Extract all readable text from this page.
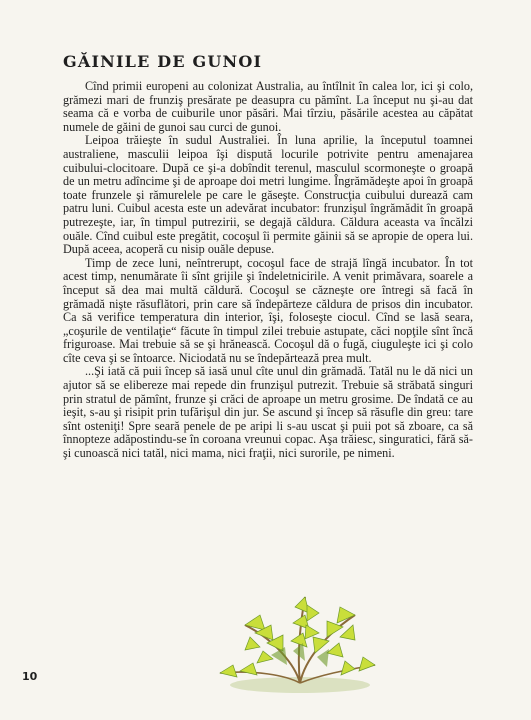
GĂINILE DE GUNOI

Cînd primii europeni au colonizat Australia, au întîlnit în calea lor, ici şi colo, grămezi mari de frunziş presărate pe deasupra cu pămînt. La început nu şi-au dat seama că e vorba de cuiburile unor păsări. Mai tîrziu, păsările acestea au căpătat numele de găini de gunoi sau curci de gunoi.

Leipoa trăieşte în sudul Australiei. În luna aprilie, la începutul toamnei australiene, masculii leipoa îşi dispută locurile potrivite pentru amenajarea cuibului-clocitoare. După ce şi-a dobîndit terenul, masculul scormoneşte o groapă de un metru adîncime şi de aproape doi metri lungime. Îngrămădeşte apoi în groapă toate frunzele şi rămurelele pe care le găseşte. Construcţia cuibului durează cam patru luni. Cuibul acesta este un adevărat incubator: frunzişul îngrămădit în groapă putrezeşte, iar, în timpul putrezirii, se degajă căldura. Căldura aceasta va încălzi ouăle. Cînd cuibul este pregătit, cocoşul îi permite găinii să se apropie de opera lui. După aceea, acoperă cu nisip ouăle depuse.

Timp de zece luni, neîntrerupt, cocoşul face de strajă lîngă incubator. În tot acest timp, nenumărate îi sînt grijile şi îndeletnicirile. A venit primăvara, soarele a început să dea mai multă căldură. Cocoşul se căzneşte ore întregi să facă în grămadă nişte răsuflători, prin care să îndepărteze căldura de prisos din incubator. Ca să verifice temperatura din interior, îşi, foloseşte ciocul. Cînd se lasă seara, „coşurile de ventilaţie“ făcute în timpul zilei trebuie astupate, căci nopţile sînt încă friguroase. Mai trebuie să se şi hrănească. Cocoşul dă o fugă, ciuguleşte ici şi colo cîte ceva şi se întoarce. Niciodată nu se îndepărtează prea mult.

...Şi iată că puii încep să iasă unul cîte unul din grămadă. Tatăl nu le dă nici un ajutor să se elibereze mai repede din frunzişul putrezit. Trebuie să străbată singuri prin stratul de pămînt, frunze şi crăci de aproape un metru grosime. De îndată ce au ieşit, s-au şi risipit prin tufărişul din jur. Se ascund şi încep să răsufle din greu: tare sînt osteniţi! Spre seară penele de pe aripi li s-au uscat şi puii pot să zboare, ca să înnopteze adăpostindu-se în coroana vreunui copac. Aşa trăiesc, singuratici, fără să-şi cunoască nici tatăl, nici mama, nici fraţii, nici surorile, pe nimeni.

10
